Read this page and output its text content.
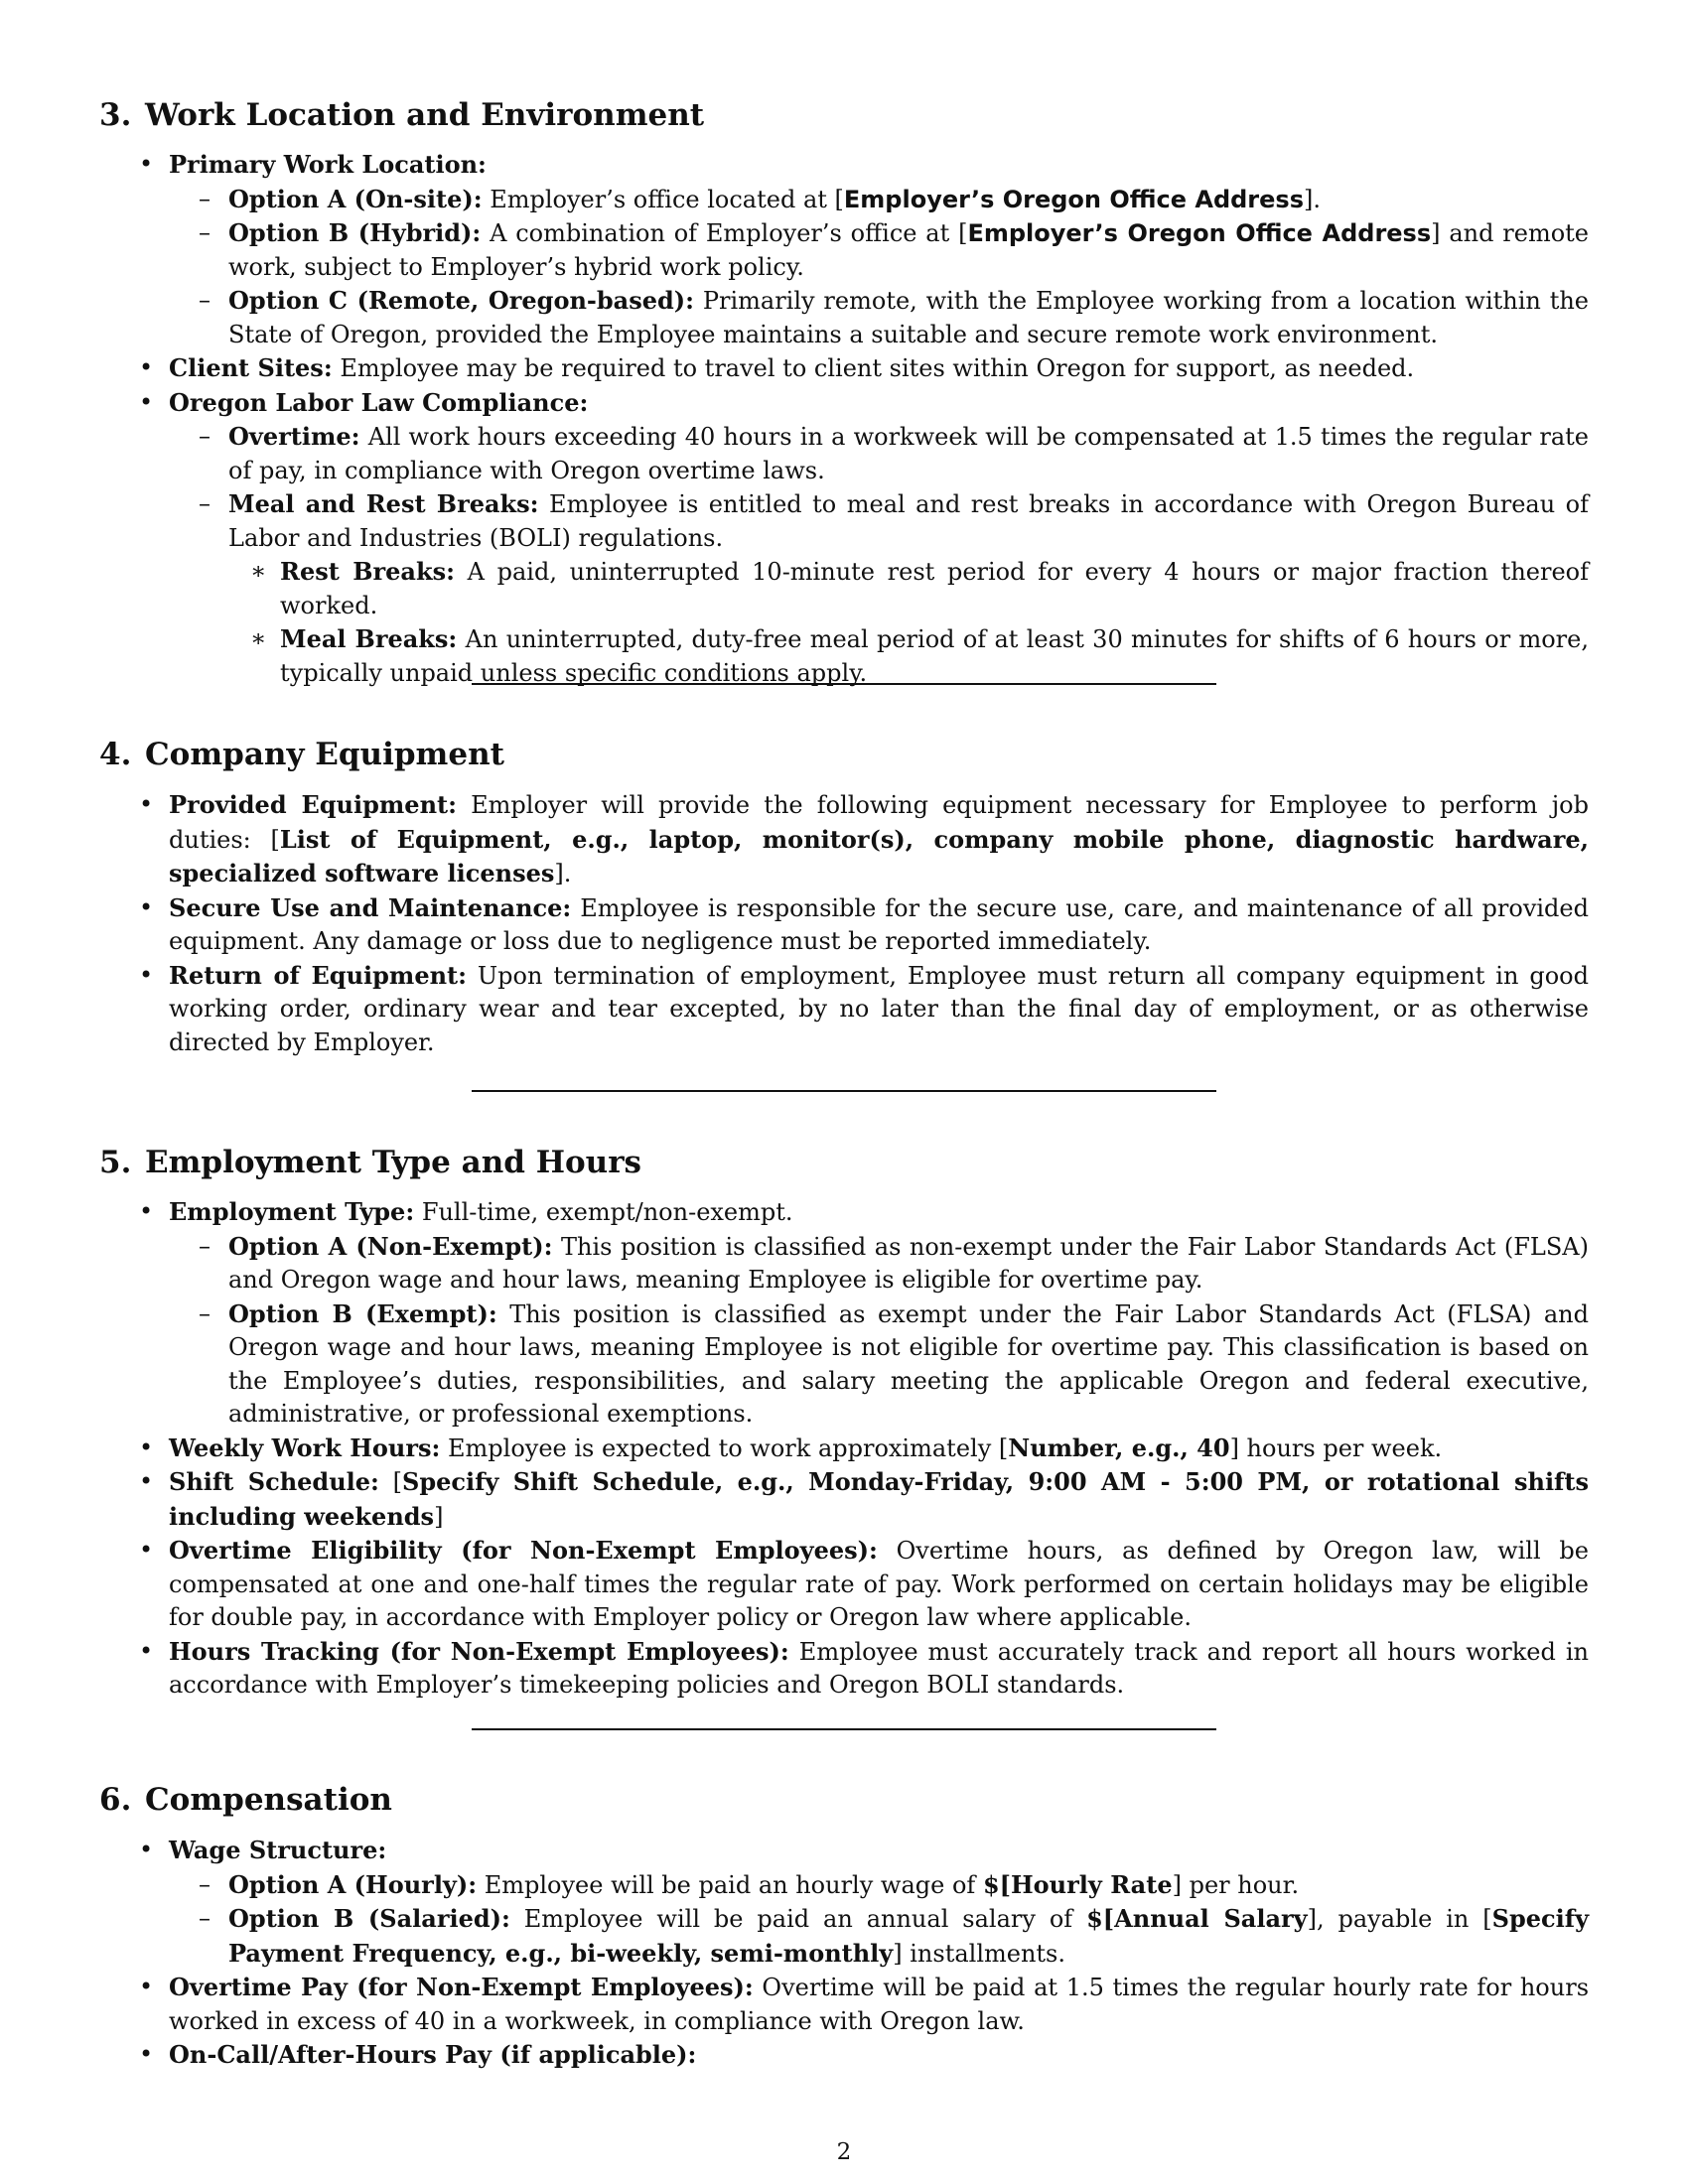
3. Work Location and Environment
• Primary Work Location:
– Option A (On-site): Employer’s office located at [Employer’s Oregon Office Address].
– Option B (Hybrid): A combination of Employer’s office at [Employer’s Oregon Office Address] and remote work, subject to Employer’s hybrid work policy.
– Option C (Remote, Oregon-based): Primarily remote, with the Employee working from a location within the State of Oregon, provided the Employee maintains a suitable and secure remote work environment.
• Client Sites: Employee may be required to travel to client sites within Oregon for support, as needed.
• Oregon Labor Law Compliance:
– Overtime: All work hours exceeding 40 hours in a workweek will be compensated at 1.5 times the regular rate of pay, in compliance with Oregon overtime laws.
– Meal and Rest Breaks: Employee is entitled to meal and rest breaks in accordance with Oregon Bureau of Labor and Industries (BOLI) regulations.
∗ Rest Breaks: A paid, uninterrupted 10-minute rest period for every 4 hours or major fraction thereof worked.
∗ Meal Breaks: An uninterrupted, duty-free meal period of at least 30 minutes for shifts of 6 hours or more, typically unpaid unless specific conditions apply.
4. Company Equipment
• Provided Equipment: Employer will provide the following equipment necessary for Employee to perform job duties: [List of Equipment, e.g., laptop, monitor(s), company mobile phone, diagnostic hardware, specialized software licenses].
• Secure Use and Maintenance: Employee is responsible for the secure use, care, and maintenance of all provided equipment. Any damage or loss due to negligence must be reported immediately.
• Return of Equipment: Upon termination of employment, Employee must return all company equipment in good working order, ordinary wear and tear excepted, by no later than the final day of employment, or as otherwise directed by Employer.
5. Employment Type and Hours
• Employment Type: Full-time, exempt/non-exempt.
– Option A (Non-Exempt): This position is classified as non-exempt under the Fair Labor Standards Act (FLSA) and Oregon wage and hour laws, meaning Employee is eligible for overtime pay.
– Option B (Exempt): This position is classified as exempt under the Fair Labor Standards Act (FLSA) and Oregon wage and hour laws, meaning Employee is not eligible for overtime pay. This classification is based on the Employee’s duties, responsibilities, and salary meeting the applicable Oregon and federal executive, administrative, or professional exemptions.
• Weekly Work Hours: Employee is expected to work approximately [Number, e.g., 40] hours per week.
• Shift Schedule: [Specify Shift Schedule, e.g., Monday-Friday, 9:00 AM - 5:00 PM, or rotational shifts including weekends]
• Overtime Eligibility (for Non-Exempt Employees): Overtime hours, as defined by Oregon law, will be compensated at one and one-half times the regular rate of pay. Work performed on certain holidays may be eligible for double pay, in accordance with Employer policy or Oregon law where applicable.
• Hours Tracking (for Non-Exempt Employees): Employee must accurately track and report all hours worked in accordance with Employer’s timekeeping policies and Oregon BOLI standards.
6. Compensation
• Wage Structure:
– Option A (Hourly): Employee will be paid an hourly wage of $[Hourly Rate] per hour.
– Option B (Salaried): Employee will be paid an annual salary of $[Annual Salary], payable in [Specify Payment Frequency, e.g., bi-weekly, semi-monthly] installments.
• Overtime Pay (for Non-Exempt Employees): Overtime will be paid at 1.5 times the regular hourly rate for hours worked in excess of 40 in a workweek, in compliance with Oregon law.
• On-Call/After-Hours Pay (if applicable):
2
